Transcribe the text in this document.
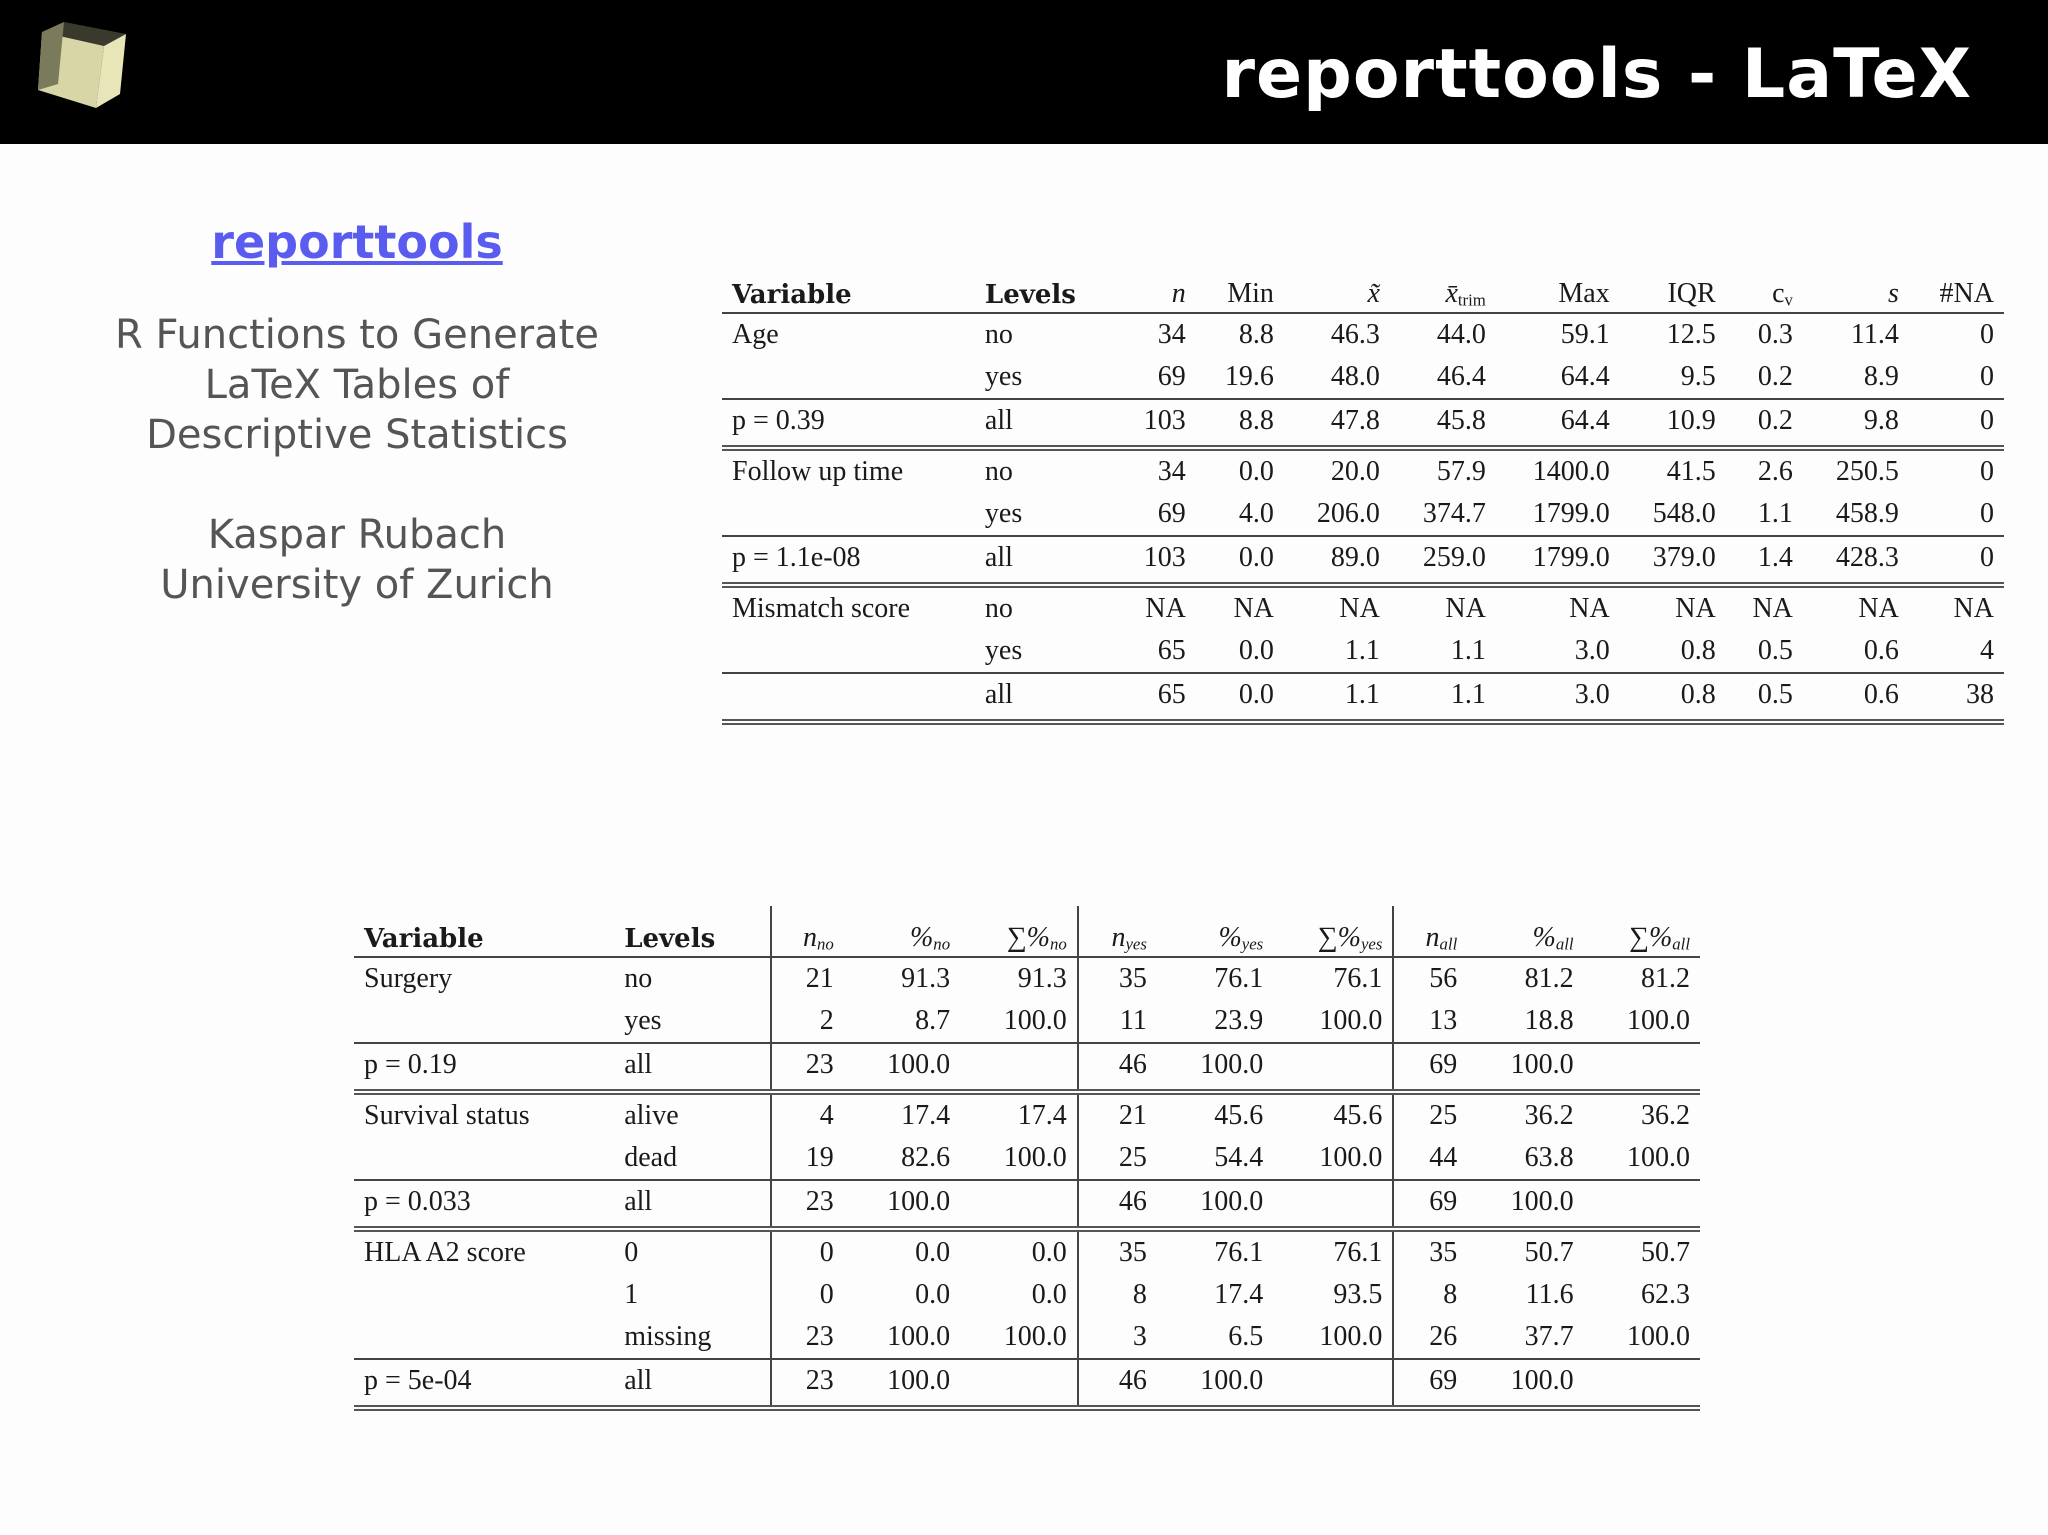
reporttools - LaTeX
reporttools
R Functions to Generate
LaTeX Tables of
Descriptive Statistics
Kaspar Rubach
University of Zurich
Variable	Levels	n	Min	x̃	$x̄_{trim}$	Max	IQR	$c_v$	s	#NA
Age	no	34	8.8	46.3	44.0	59.1	12.5	0.3	11.4	0
	yes	69	19.6	48.0	46.4	64.4	9.5	0.2	8.9	0
p = 0.39	all	103	8.8	47.8	45.8	64.4	10.9	0.2	9.8	0
Follow up time	no	34	0.0	20.0	57.9	1400.0	41.5	2.6	250.5	0
	yes	69	4.0	206.0	374.7	1799.0	548.0	1.1	458.9	0
p = 1.1e-08	all	103	0.0	89.0	259.0	1799.0	379.0	1.4	428.3	0
Mismatch score	no	NA	NA	NA	NA	NA	NA	NA	NA	NA
	yes	65	0.0	1.1	1.1	3.0	0.8	0.5	0.6	4
	all	65	0.0	1.1	1.1	3.0	0.8	0.5	0.6	38
Variable	Levels	$n_{no}$	$\%_{no}$	$\sum\%_{no}$	$n_{yes}$	$\%_{yes}$	$\sum\%_{yes}$	$n_{all}$	$\%_{all}$	$\sum\%_{all}$
Surgery	no	21	91.3	91.3	35	76.1	76.1	56	81.2	81.2
	yes	2	8.7	100.0	11	23.9	100.0	13	18.8	100.0
p = 0.19	all	23	100.0		46	100.0		69	100.0	
Survival status	alive	4	17.4	17.4	21	45.6	45.6	25	36.2	36.2
	dead	19	82.6	100.0	25	54.4	100.0	44	63.8	100.0
p = 0.033	all	23	100.0		46	100.0		69	100.0	
HLA A2 score	0	0	0.0	0.0	35	76.1	76.1	35	50.7	50.7
	1	0	0.0	0.0	8	17.4	93.5	8	11.6	62.3
	missing	23	100.0	100.0	3	6.5	100.0	26	37.7	100.0
p = 5e-04	all	23	100.0		46	100.0		69	100.0	
